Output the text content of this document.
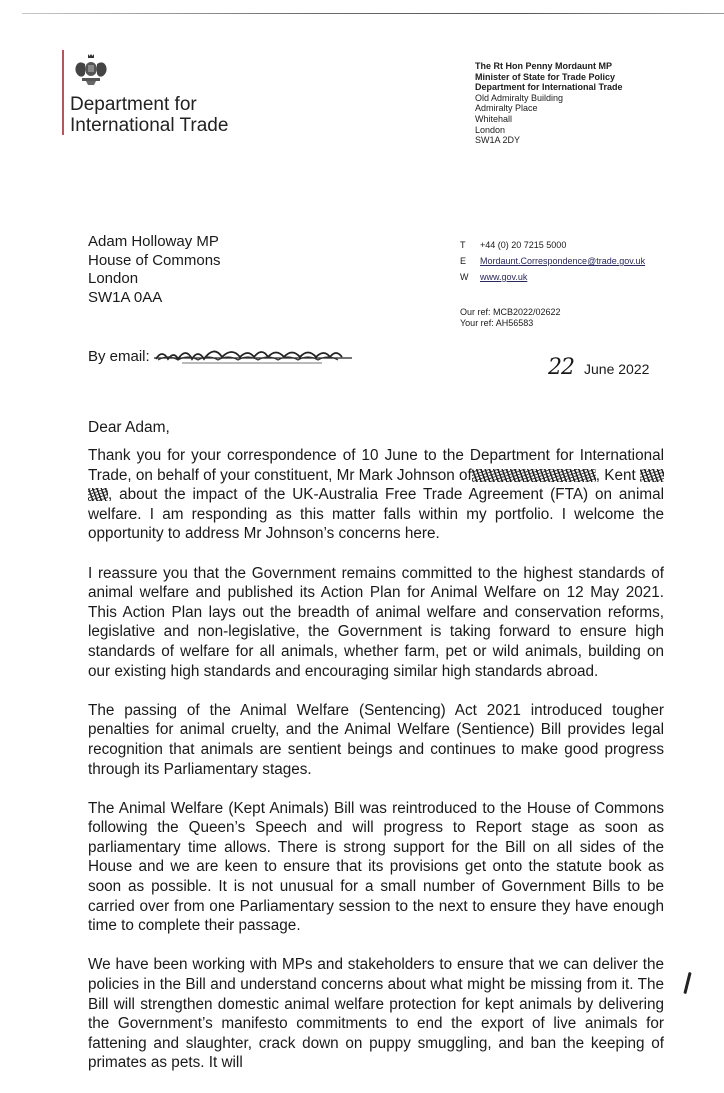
Department for
International Trade
The Rt Hon Penny Mordaunt MP
Minister of State for Trade Policy
Department for International Trade
Old Admiralty Building
Admiralty Place
Whitehall
London
SW1A 2DY
Adam Holloway MP
House of Commons
London
SW1A 0AA
T	+44 (0) 20 7215 5000
E	Mordaunt.Correspondence@trade.gov.uk
W	www.gov.uk
Our ref: MCB2022/02622
Your ref: AH56583
By email:	22 June 2022
Dear Adam,

Thank you for your correspondence of 10 June to the Department for International Trade, on behalf of your constituent, Mr Mark Johnson of	, Kent  , about the impact of the UK-Australia Free Trade Agreement (FTA) on animal welfare. I am responding as this matter falls within my portfolio. I welcome the opportunity to address Mr Johnson’s concerns here.

I reassure you that the Government remains committed to the highest standards of animal welfare and published its Action Plan for Animal Welfare on 12 May 2021. This Action Plan lays out the breadth of animal welfare and conservation reforms, legislative and non-legislative, the Government is taking forward to ensure high standards of welfare for all animals, whether farm, pet or wild animals, building on our existing high standards and encouraging similar high standards abroad.

The passing of the Animal Welfare (Sentencing) Act 2021 introduced tougher penalties for animal cruelty, and the Animal Welfare (Sentience) Bill provides legal recognition that animals are sentient beings and continues to make good progress through its Parliamentary stages.

The Animal Welfare (Kept Animals) Bill was reintroduced to the House of Commons following the Queen’s Speech and will progress to Report stage as soon as parliamentary time allows. There is strong support for the Bill on all sides of the House and we are keen to ensure that its provisions get onto the statute book as soon as possible. It is not unusual for a small number of Government Bills to be carried over from one Parliamentary session to the next to ensure they have enough time to complete their passage.

We have been working with MPs and stakeholders to ensure that we can deliver the policies in the Bill and understand concerns about what might be missing from it. The Bill will strengthen domestic animal welfare protection for kept animals by delivering the Government’s manifesto commitments to end the export of live animals for fattening and slaughter, crack down on puppy smuggling, and ban the keeping of primates as pets. It will
